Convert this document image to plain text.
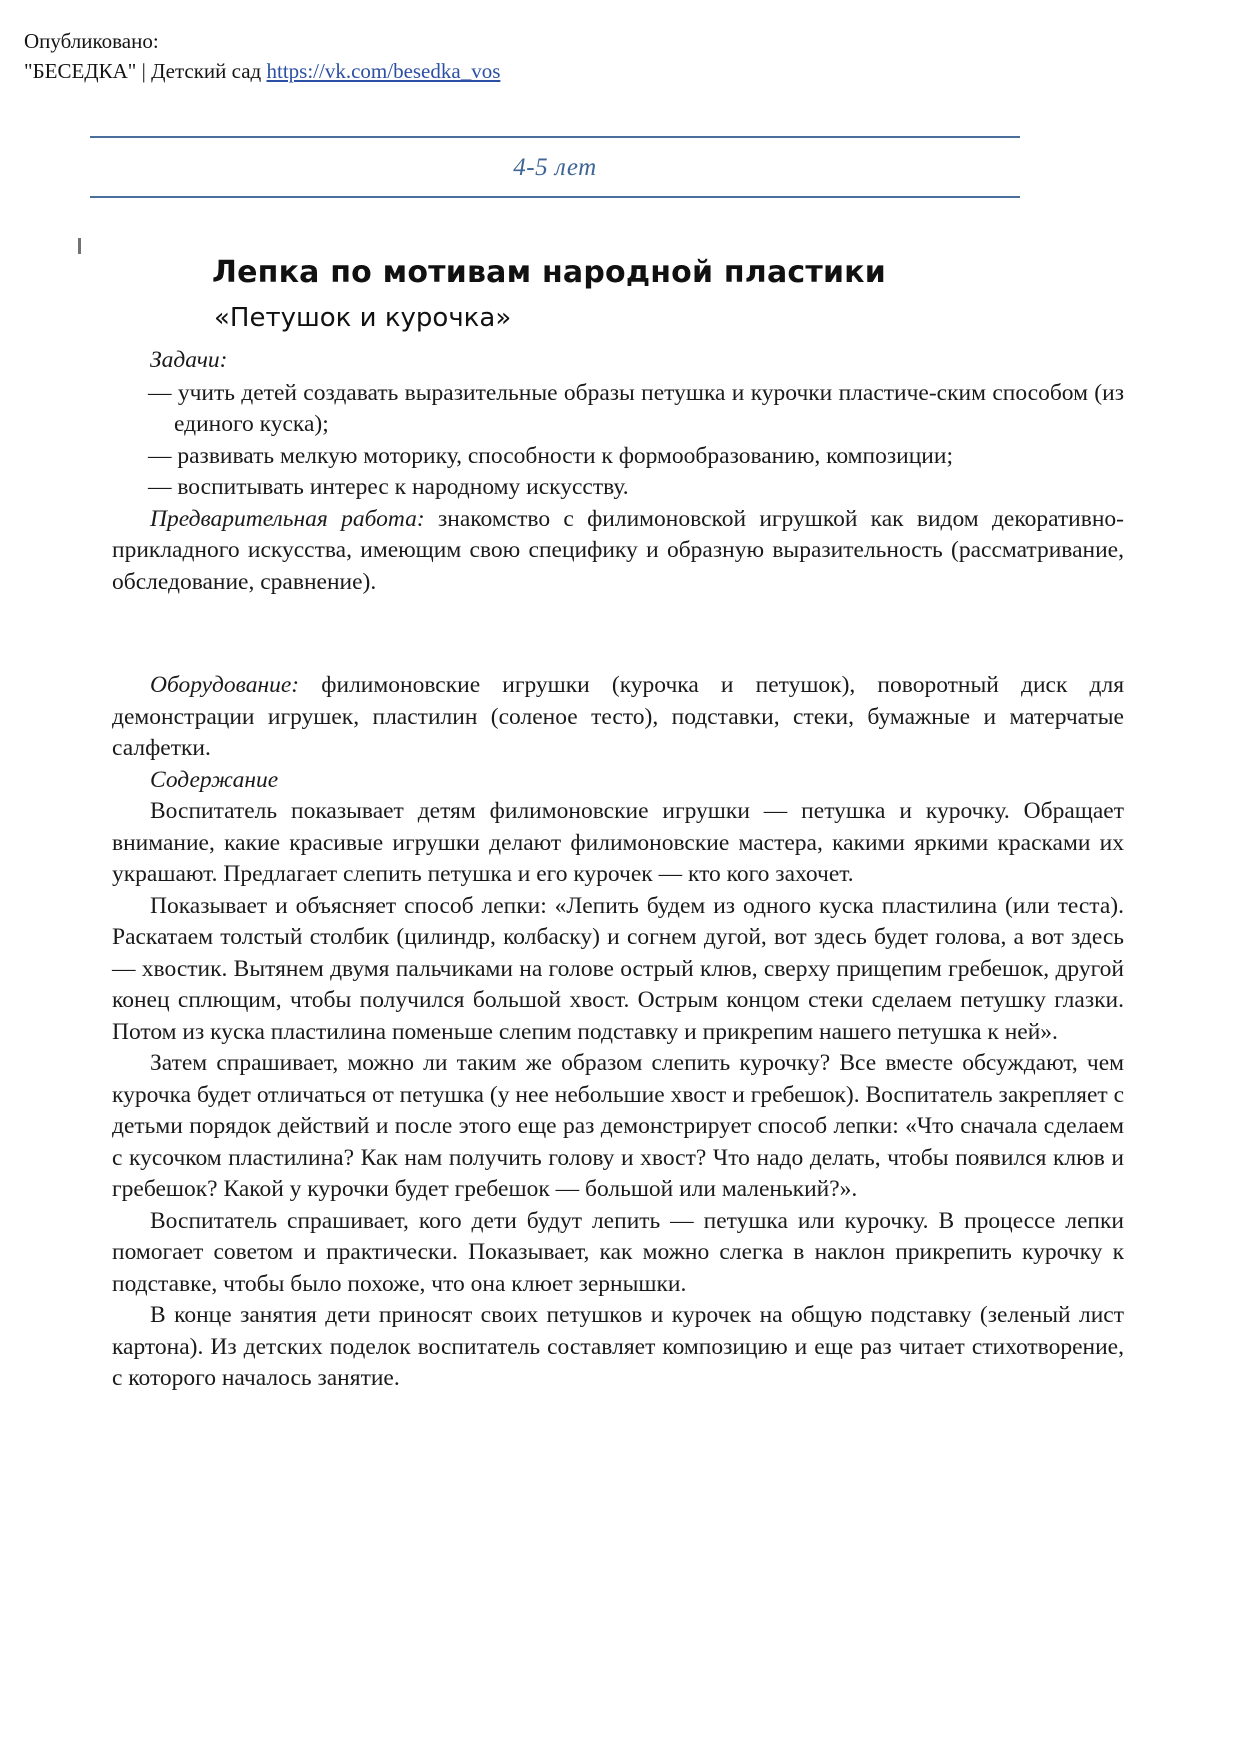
Опубликовано:
"БЕСЕДКА" | Детский сад https://vk.com/besedka_vos
4-5 лет
Лепка по мотивам народной пластики
«Петушок и курочка»

Задачи:

— учить детей создавать выразительные образы петушка и курочки пластиче-ским способом (из единого куска);
— развивать мелкую моторику, способности к формообразованию, композиции;
— воспитывать интерес к народному искусству.

Предварительная работа: знакомство с филимоновской игрушкой как видом декоративно-прикладного искусства, имеющим свою специфику и образную выразительность (рассматривание, обследование, сравнение).

Оборудование: филимоновские игрушки (курочка и петушок), поворотный диск для демонстрации игрушек, пластилин (соленое тесто), подставки, стеки, бумажные и матерчатые салфетки.

Содержание

Воспитатель показывает детям филимоновские игрушки — петушка и курочку. Обращает внимание, какие красивые игрушки делают филимоновские мастера, какими яркими красками их украшают. Предлагает слепить петушка и его курочек — кто кого захочет.

Показывает и объясняет способ лепки: «Лепить будем из одного куска пластилина (или теста). Раскатаем толстый столбик (цилиндр, колбаску) и согнем дугой, вот здесь будет голова, а вот здесь — хвостик. Вытянем двумя пальчиками на голове острый клюв, сверху прищепим гребешок, другой конец сплющим, чтобы получился большой хвост. Острым концом стеки сделаем петушку глазки. Потом из куска пластилина поменьше слепим подставку и прикрепим нашего петушка к ней».

Затем спрашивает, можно ли таким же образом слепить курочку? Все вместе обсуждают, чем курочка будет отличаться от петушка (у нее небольшие хвост и гребешок). Воспитатель закрепляет с детьми порядок действий и после этого еще раз демонстрирует способ лепки: «Что сначала сделаем с кусочком пластилина? Как нам получить голову и хвост? Что надо делать, чтобы появился клюв и гребешок? Какой у курочки будет гребешок — большой или маленький?».

Воспитатель спрашивает, кого дети будут лепить — петушка или курочку. В процессе лепки помогает советом и практически. Показывает, как можно слегка в наклон прикрепить курочку к подставке, чтобы было похоже, что она клюет зернышки.

В конце занятия дети приносят своих петушков и курочек на общую подставку (зеленый лист картона). Из детских поделок воспитатель составляет композицию и еще раз читает стихотворение, с которого началось занятие.
